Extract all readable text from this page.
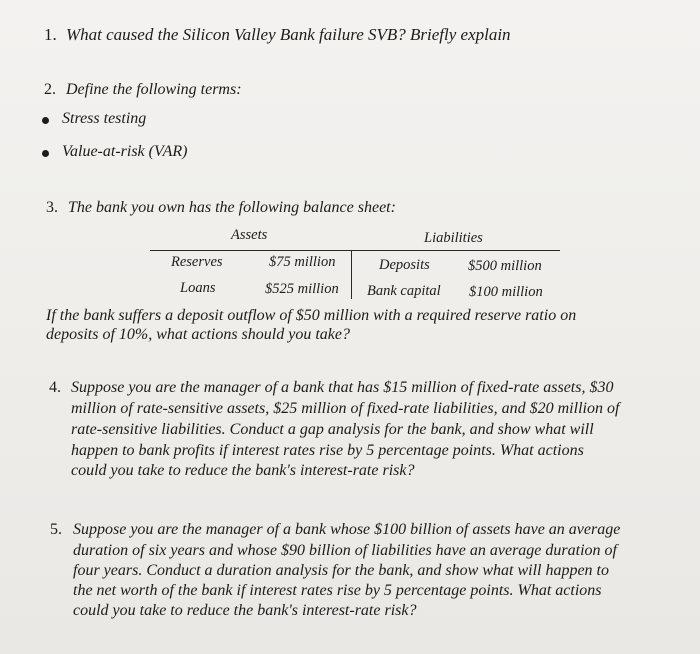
1. What caused the Silicon Valley Bank failure SVB? Briefly explain
2. Define the following terms:
Stress testing
Value-at-risk (VAR)
3. The bank you own has the following balance sheet:
Assets	Liabilities
Reserves	$75 million	Deposits	$500 million
Loans	$525 million Bank capital $100 million
If the bank suffers a deposit outflow of $50 million with a required reserve ratio on
deposits of 10%, what actions should you take?
4. Suppose you are the manager of a bank that has $15 million of fixed-rate assets, $30
million of rate-sensitive assets, $25 million of fixed-rate liabilities, and $20 million of
rate-sensitive liabilities. Conduct a gap analysis for the bank, and show what will
happen to bank profits if interest rates rise by 5 percentage points. What actions
could you take to reduce the bank's interest-rate risk?
5. Suppose you are the manager of a bank whose $100 billion of assets have an average
duration of six years and whose $90 billion of liabilities have an average duration of
four years. Conduct a duration analysis for the bank, and show what will happen to
the net worth of the bank if interest rates rise by 5 percentage points. What actions
could you take to reduce the bank's interest-rate risk?
